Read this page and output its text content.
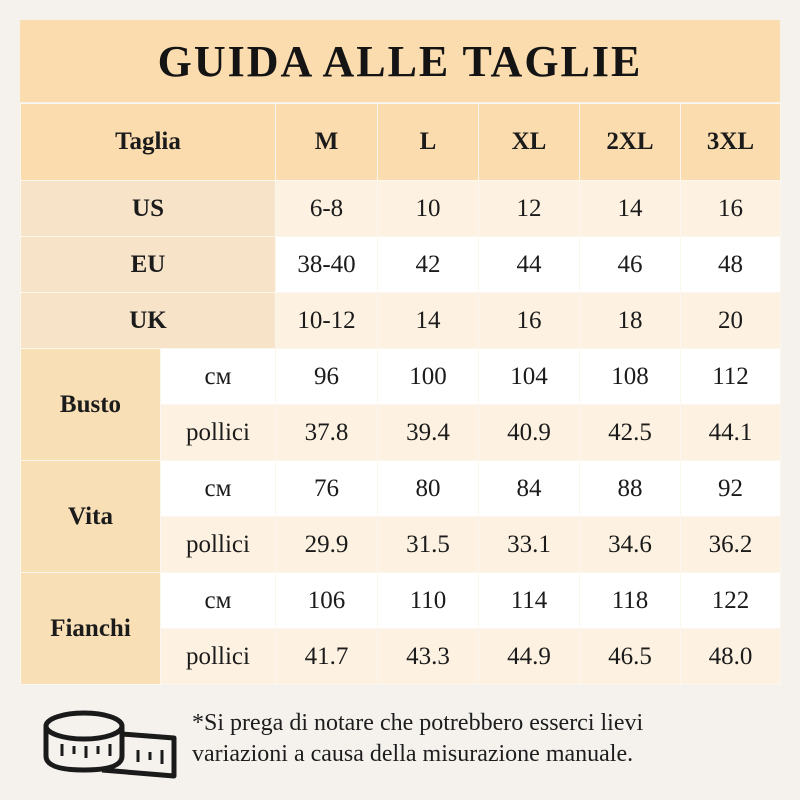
GUIDA ALLE TAGLIE
Taglia		M	L	XL	2XL	3XL
US		6-8	10	12	14	16
EU		38-40	42	44	46	48
UK		10-12	14	16	18	20
Busto	см	96	100	104	108	112
	pollici	37.8	39.4	40.9	42.5	44.1
Vita	см	76	80	84	88	92
	pollici	29.9	31.5	33.1	34.6	36.2
Fianchi	см	106	110	114	118	122
	pollici	41.7	43.3	44.9	46.5	48.0
*Si prega di notare che potrebbero esserci lievi
variazioni a causa della misurazione manuale.
